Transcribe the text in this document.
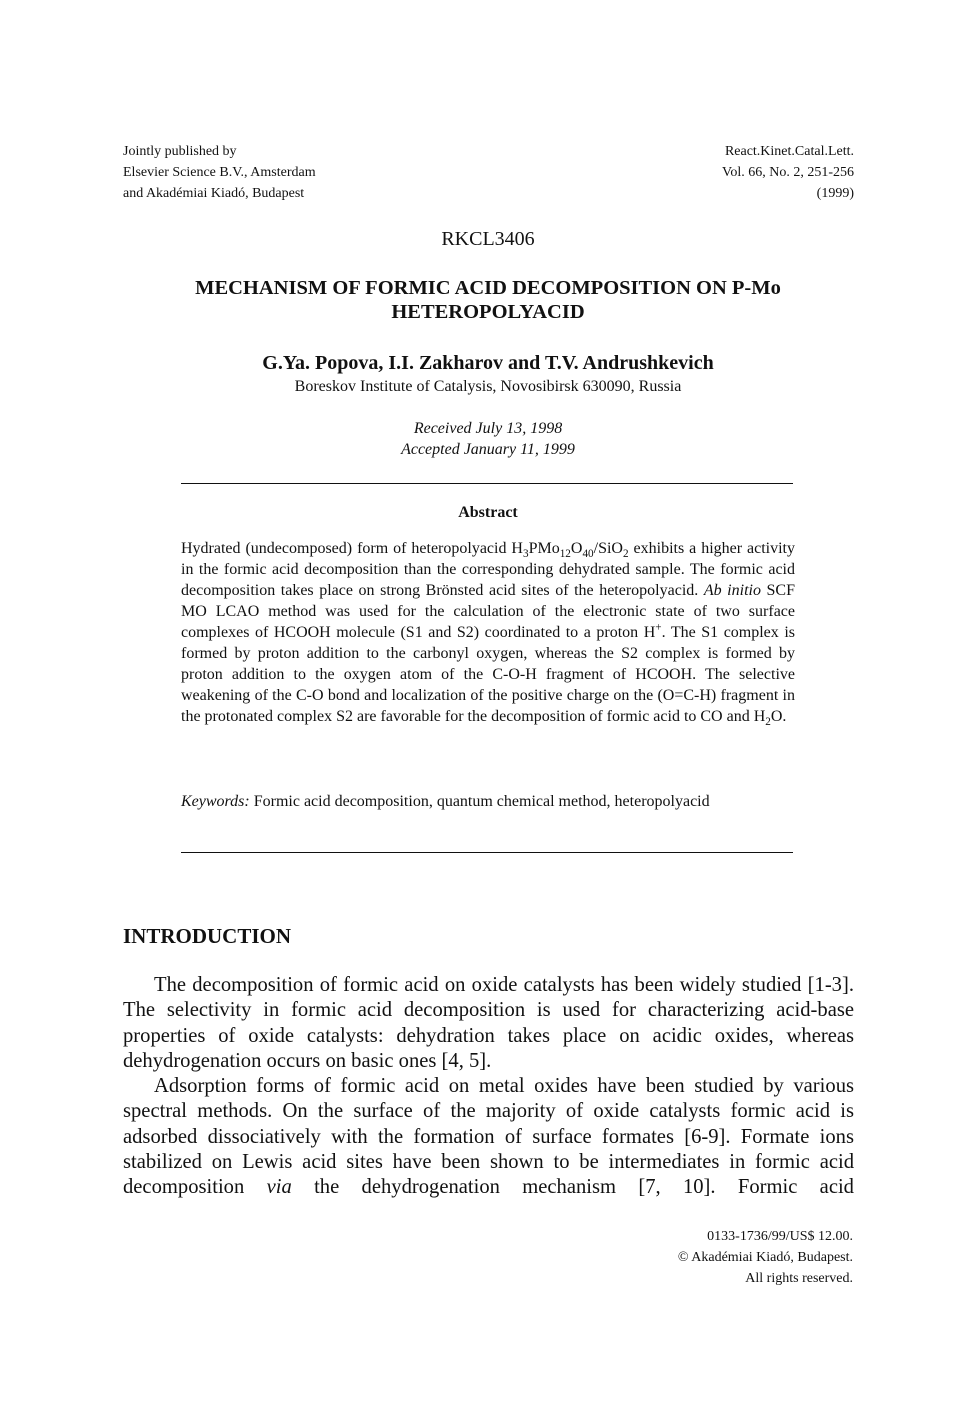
Jointly published by
Elsevier Science B.V., Amsterdam
and Akadémiai Kiadó, Budapest
React.Kinet.Catal.Lett.
Vol. 66, No. 2, 251-256
(1999)
RKCL3406
MECHANISM OF FORMIC ACID DECOMPOSITION ON P-Mo HETEROPOLYACID
G.Ya. Popova, I.I. Zakharov and T.V. Andrushkevich
Boreskov Institute of Catalysis, Novosibirsk 630090, Russia
Received July 13, 1998
Accepted January 11, 1999
Abstract
Hydrated (undecomposed) form of heteropolyacid $H_3PMo_{12}O_{40}/SiO_2$ exhibits a higher activity in the formic acid decomposition than the corresponding dehydrated sample. The formic acid decomposition takes place on strong Brönsted acid sites of the heteropolyacid. Ab initio SCF MO LCAO method was used for the calculation of the electronic state of two surface complexes of HCOOH molecule (S1 and S2) coordinated to a proton H+. The S1 complex is formed by proton addition to the carbonyl oxygen, whereas the S2 complex is formed by proton addition to the oxygen atom of the C-O-H fragment of HCOOH. The selective weakening of the C-O bond and localization of the positive charge on the (O=C-H) fragment in the protonated complex S2 are favorable for the decomposition of formic acid to CO and $H_2O$.
Keywords: Formic acid decomposition, quantum chemical method, heteropolyacid
INTRODUCTION

The decomposition of formic acid on oxide catalysts has been widely studied [1-3]. The selectivity in formic acid decomposition is used for characterizing acid-base properties of oxide catalysts: dehydration takes place on acidic oxides, whereas dehydrogenation occurs on basic ones [4, 5].

Adsorption forms of formic acid on metal oxides have been studied by various spectral methods. On the surface of the majority of oxide catalysts formic acid is adsorbed dissociatively with the formation of surface formates [6-9]. Formate ions stabilized on Lewis acid sites have been shown to be intermediates in formic acid decomposition via the dehydrogenation mechanism [7, 10]. Formic acid

0133-1736/99/US$ 12.00.
© Akadémiai Kiadó, Budapest.
All rights reserved.
